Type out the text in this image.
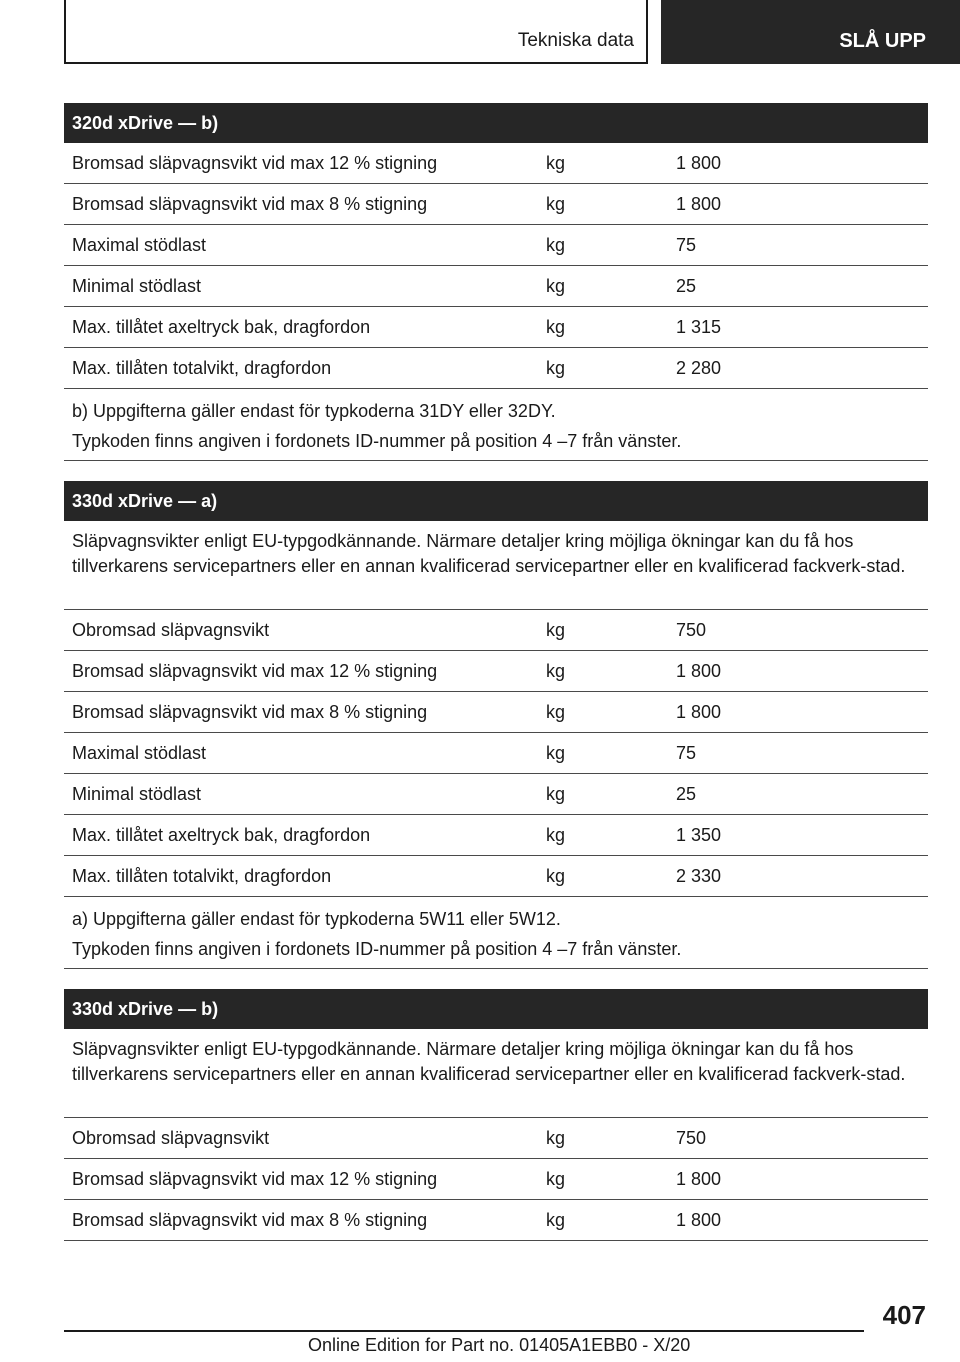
Tekniska data	SLÅ UPP
320d xDrive — b)
Bromsad släpvagnsvikt vid max 12 % stigning	kg	1 800
Bromsad släpvagnsvikt vid max 8 % stigning	kg	1 800
Maximal stödlast	kg	75
Minimal stödlast	kg	25
Max. tillåtet axeltryck bak, dragfordon	kg	1 315
Max. tillåten totalvikt, dragfordon	kg	2 280
b) Uppgifterna gäller endast för typkoderna 31DY eller 32DY.
Typkoden finns angiven i fordonets ID-nummer på position 4 –7 från vänster.
330d xDrive — a)
Släpvagnsvikter enligt EU-typgodkännande. Närmare detaljer kring möjliga ökningar kan du få hos tillverkarens servicepartners eller en annan kvalificerad servicepartner eller en kvalificerad fackverk-stad.
Obromsad släpvagnsvikt	kg	750
Bromsad släpvagnsvikt vid max 12 % stigning	kg	1 800
Bromsad släpvagnsvikt vid max 8 % stigning	kg	1 800
Maximal stödlast	kg	75
Minimal stödlast	kg	25
Max. tillåtet axeltryck bak, dragfordon	kg	1 350
Max. tillåten totalvikt, dragfordon	kg	2 330
a) Uppgifterna gäller endast för typkoderna 5W11 eller 5W12.
Typkoden finns angiven i fordonets ID-nummer på position 4 –7 från vänster.
330d xDrive — b)
Släpvagnsvikter enligt EU-typgodkännande. Närmare detaljer kring möjliga ökningar kan du få hos tillverkarens servicepartners eller en annan kvalificerad servicepartner eller en kvalificerad fackverk-stad.
Obromsad släpvagnsvikt	kg	750
Bromsad släpvagnsvikt vid max 12 % stigning	kg	1 800
Bromsad släpvagnsvikt vid max 8 % stigning	kg	1 800
407
Online Edition for Part no. 01405A1EBB0 - X/20
